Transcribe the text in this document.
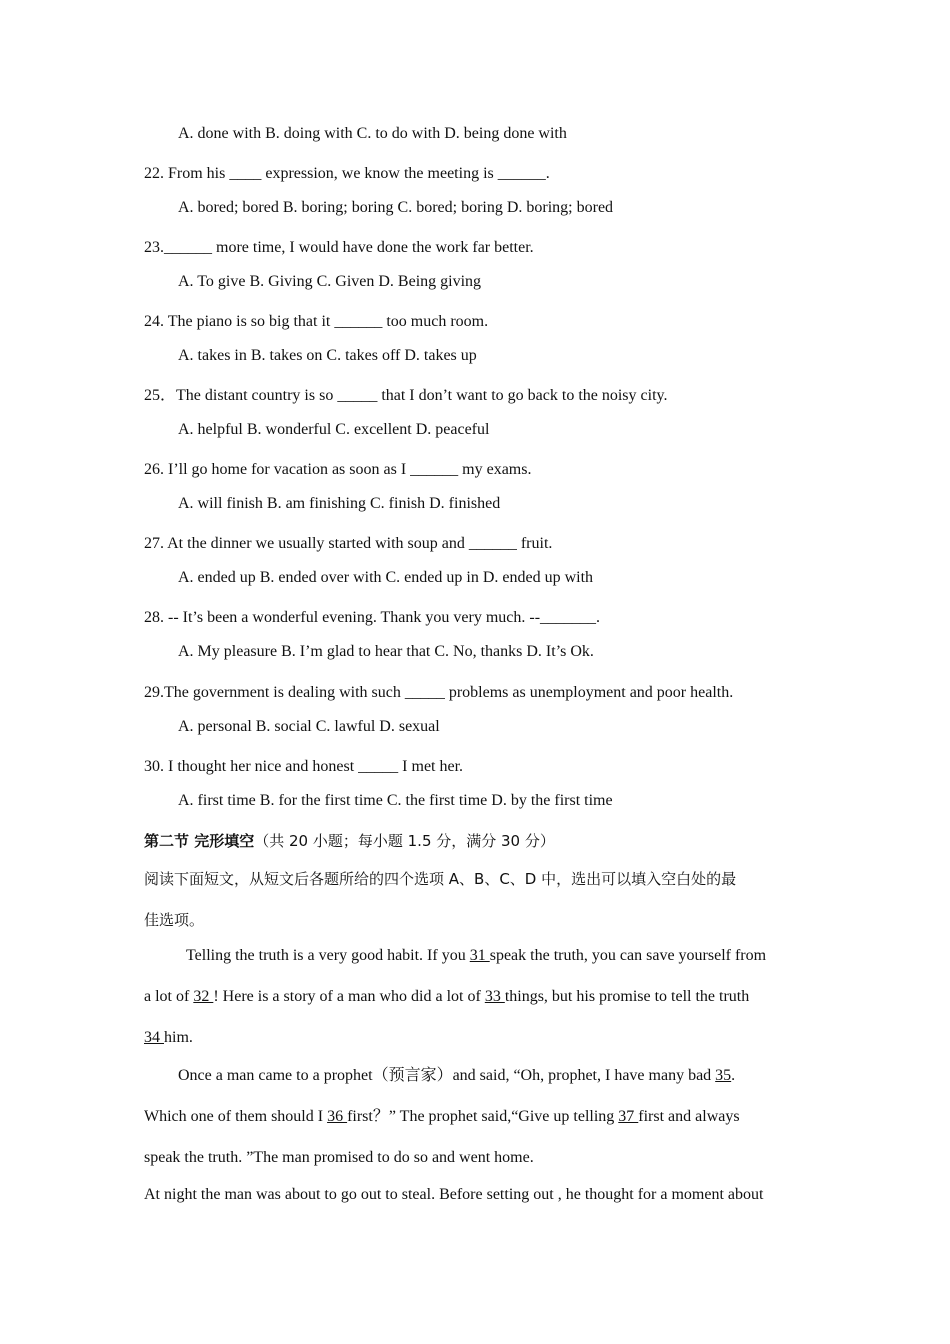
A. done with B. doing with C. to do with D. being done with
22. From his ____ expression, we know the meeting is ______.
A. bored; bored B. boring; boring C. bored; boring D. boring; bored
23.______ more time, I would have done the work far better.
A. To give B. Giving C. Given D. Being giving
24. The piano is so big that it ______ too much room.
A. takes in B. takes on C. takes off D. takes up
25．The distant country is so _____ that I don’t want to go back to the noisy city.
A. helpful B. wonderful C. excellent D. peaceful
26. I’ll go home for vacation as soon as I ______ my exams.
A. will finish B. am finishing C. finish D. finished
27. At the dinner we usually started with soup and ______ fruit.
A. ended up B. ended over with C. ended up in D. ended up with
28. -- It’s been a wonderful evening. Thank you very much. --_______.
A. My pleasure B. I’m glad to hear that C. No, thanks D. It’s Ok.
29.The government is dealing with such _____ problems as unemployment and poor health.
A. personal B. social C. lawful D. sexual
30. I thought her nice and honest _____ I met her.
A. first time B. for the first time C. the first time D. by the first time
第二节 完形填空（共 20 小题；每小题 1.5 分，满分 30 分）
阅读下面短文，从短文后各题所给的四个选项 A、B、C、D 中，选出可以填入空白处的最
佳选项。
Telling the truth is a very good habit. If you 31 speak the truth, you can save yourself from
a lot of 32 ! Here is a story of a man who did a lot of 33 things, but his promise to tell the truth
34 him.
Once a man came to a prophet（预言家）and said, “Oh, prophet, I have many bad 35.
Which one of them should I 36 first？” The prophet said,“Give up telling 37 first and always
speak the truth. ”The man promised to do so and went home.
At night the man was about to go out to steal. Before setting out , he thought for a moment about
